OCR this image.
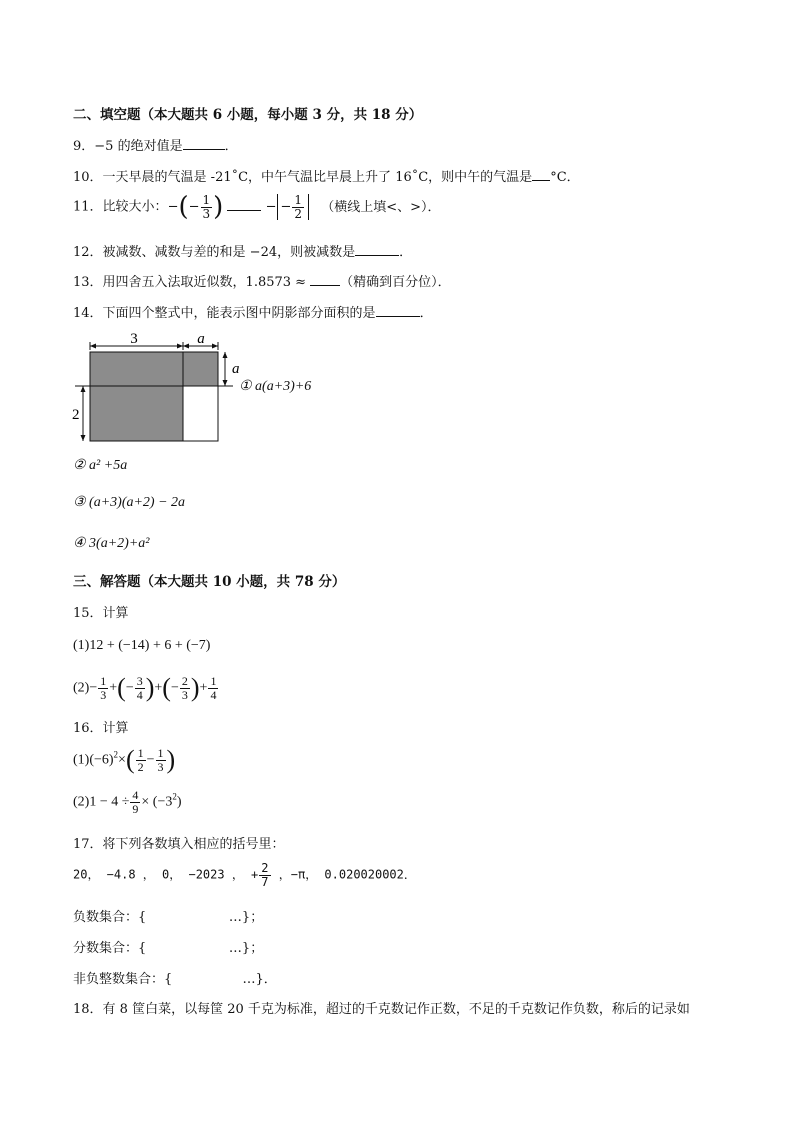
二、填空题（本大题共 6 小题，每小题 3 分，共 18 分）
9．−5 的绝对值是	．
10．一天早晨的气温是 -21˚C，中午气温比早晨上升了 16˚C，则中午的气温是 °C．
11．比较大小：−(− $\frac{1}{3}$ )	− − $\frac{1}{2}$ （横线上填<、>）．
12．被减数、减数与差的和是 −24，则被减数是	．
13．用四舍五入法取近似数，1.8573 ≈	（精确到百分位）．
14．下面四个整式中，能表示图中阴影部分面积的是	．
3	a
a
2
① a(a+3)+6
② a² +5a
③ (a+3)(a+2) − 2a
④ 3(a+2)+a²
三、解答题（本大题共 10 小题，共 78 分）
15．计算
(1)12 + (−14) + 6 + (−7)
$(2)- \frac{1}{3}$ +(− $\frac{3}{4}$ )+(− $\frac{2}{3}$ )+ $\frac{1}{4}$
16．计算
$(1)(-6)^2\times( \frac{1}{2} - \frac{1}{3}$ )
$(2)1 - 4 \div \frac{4}{9} \times (-3^2)$
17．将下列各数填入相应的括号里：
20， −4.8 ， 0， −2023 ， + $\frac{2}{7}$ ，−π， 0.020020002．
负数集合：{                    …}；
分数集合：{                    …}；
非负整数集合：{                 …}．
18．有 8 筐白菜，以每筐 20 千克为标准，超过的千克数记作正数，不足的千克数记作负数，称后的记录如
